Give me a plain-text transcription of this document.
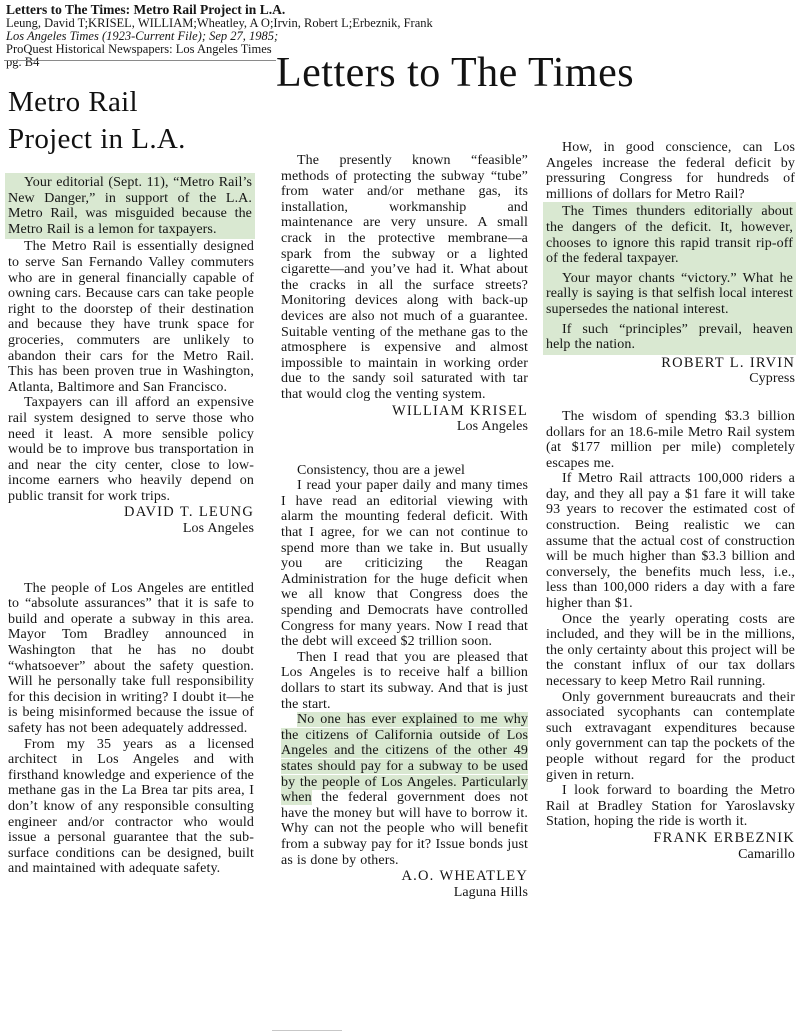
Letters to The Times: Metro Rail Project in L.A.
Leung, David T;KRISEL, WILLIAM;Wheatley, A O;Irvin, Robert L;Erbeznik, Frank
Los Angeles Times (1923-Current File); Sep 27, 1985;
ProQuest Historical Newspapers: Los Angeles Times
pg. B4	Letters to The Times
Metro Rail
Project in L.A.

Your editorial (Sept. 11), “Metro Rail’s New Danger,” in support of the L.A. Metro Rail, was misguided because the Metro Rail is a lemon for taxpayers.

The Metro Rail is essentially designed to serve San Fernando Valley commuters who are in general financially capable of owning cars. Because cars can take people right to the doorstep of their destination and because they have trunk space for groceries, commuters are unlikely to abandon their cars for the Metro Rail. This has been proven true in Washington, Atlanta, Baltimore and San Francisco.

Taxpayers can ill afford an expensive rail system designed to serve those who need it least. A more sensible policy would be to improve bus transportation in and near the city center, close to low-income earners who heavily depend on public transit for work trips.

DAVID T. LEUNG
Los Angeles

The people of Los Angeles are entitled to “absolute assurances” that it is safe to build and operate a subway in this area. Mayor Tom Bradley announced in Washington that he has no doubt “whatsoever” about the safety question. Will he personally take full responsibility for this decision in writing? I doubt it—he is being misinformed because the issue of safety has not been adequately addressed.

From my 35 years as a licensed architect in Los Angeles and with firsthand knowledge and experience of the methane gas in the La Brea tar pits area, I don’t know of any responsible consulting engineer and/or contractor who would issue a personal guarantee that the sub-surface conditions can be designed, built and maintained with adequate safety.

The presently known “feasible” methods of protecting the subway “tube” from water and/or methane gas, its installation, workmanship and maintenance are very unsure. A small crack in the protective membrane—a spark from the subway or a lighted cigarette—and you’ve had it. What about the cracks in all the surface streets? Monitoring devices along with back-up devices are also not much of a guarantee. Suitable venting of the methane gas to the atmosphere is expensive and almost impossible to maintain in working order due to the sandy soil saturated with tar that would clog the venting system.

WILLIAM KRISEL
Los Angeles

Consistency, thou are a jewel

I read your paper daily and many times I have read an editorial viewing with alarm the mounting federal deficit. With that I agree, for we can not continue to spend more than we take in. But usually you are criticizing the Reagan Administration for the huge deficit when we all know that Congress does the spending and Democrats have controlled Congress for many years. Now I read that the debt will exceed $2 trillion soon.

Then I read that you are pleased that Los Angeles is to receive half a billion dollars to start its subway. And that is just the start.

No one has ever explained to me why the citizens of California outside of Los Angeles and the citizens of the other 49 states should pay for a subway to be used by the people of Los Angeles. Particularly when the federal government does not have the money but will have to borrow it. Why can not the people who will benefit from a subway pay for it? Issue bonds just as is done by others.

A.O. WHEATLEY
Laguna Hills

How, in good conscience, can Los Angeles increase the federal deficit by pressuring Congress for hundreds of millions of dollars for Metro Rail?

The Times thunders editorially about the dangers of the deficit. It, however, chooses to ignore this rapid transit rip-off of the federal taxpayer.

Your mayor chants “victory.” What he really is saying is that selfish local interest supersedes the national interest.

If such “principles” prevail, heaven help the nation.

ROBERT L. IRVIN
Cypress

The wisdom of spending $3.3 billion dollars for an 18.6-mile Metro Rail system (at $177 million per mile) completely escapes me.

If Metro Rail attracts 100,000 riders a day, and they all pay a $1 fare it will take 93 years to recover the estimated cost of construction. Being realistic we can assume that the actual cost of construction will be much higher than $3.3 billion and conversely, the benefits much less, i.e., less than 100,000 riders a day with a fare higher than $1.

Once the yearly operating costs are included, and they will be in the millions, the only certainty about this project will be the constant influx of our tax dollars necessary to keep Metro Rail running.

Only government bureaucrats and their associated sycophants can contemplate such extravagant expenditures because only government can tap the pockets of the people without regard for the product given in return.

I look forward to boarding the Metro Rail at Bradley Station for Yaroslavsky Station, hoping the ride is worth it.

FRANK ERBEZNIK
Camarillo
